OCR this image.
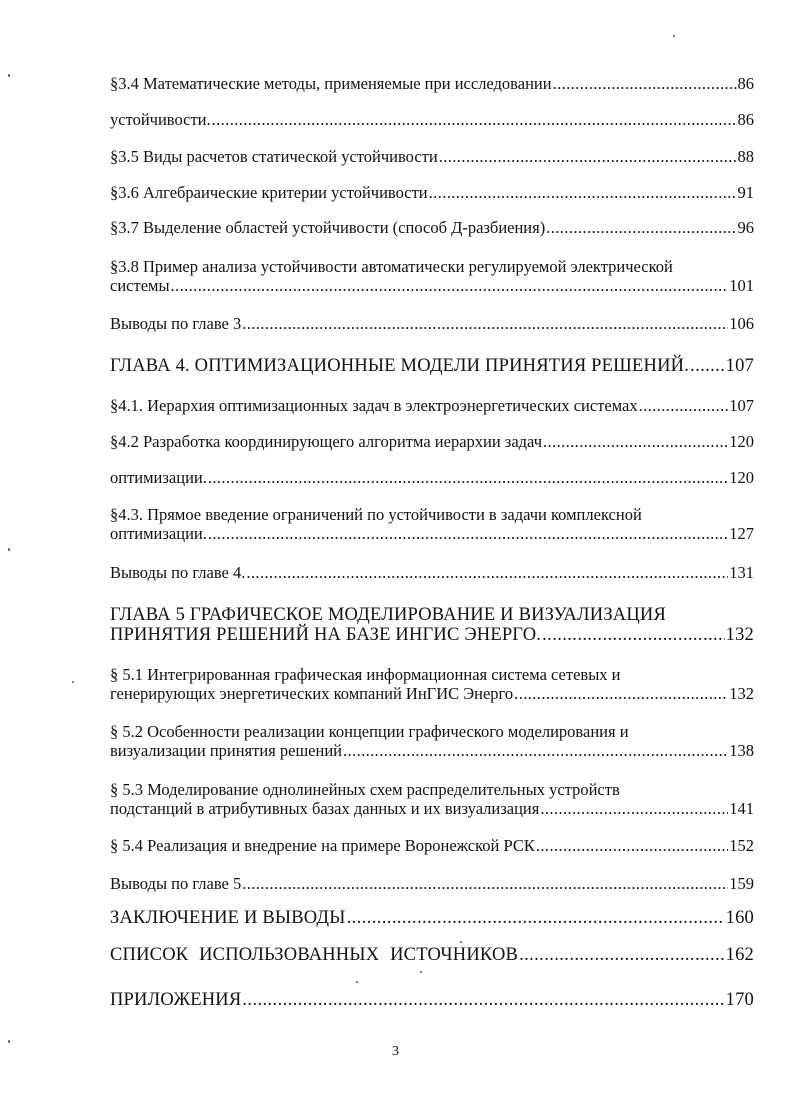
§3.4 Математические методы, применяемые при исследовании .....	86
устойчивости. .....	86
§3.5 Виды расчетов статической устойчивости .....	88
§3.6 Алгебраические критерии устойчивости .....	91
§3.7 Выделение областей устойчивости (способ Д-разбиения) .....	96
§3.8 Пример анализа устойчивости автоматически регулируемой электрической
системы .....	101
Выводы по главе 3 .....	106
ГЛАВА 4. ОПТИМИЗАЦИОННЫЕ МОДЕЛИ ПРИНЯТИЯ РЕШЕНИЙ. ..... 107
§4.1. Иерархия оптимизационных задач в электроэнергетических системах .....	107
§4.2 Разработка координирующего алгоритма иерархии задач .....	120
оптимизации. .....	120
§4.3. Прямое введение ограничений по устойчивости в задачи комплексной
оптимизации. .....	127
Выводы по главе 4. .....	131
ГЛАВА 5 ГРАФИЧЕСКОЕ МОДЕЛИРОВАНИЕ И ВИЗУАЛИЗАЦИЯ
ПРИНЯТИЯ РЕШЕНИЙ НА БАЗЕ ИНГИС ЭНЕРГО. .....	132
§ 5.1 Интегрированная графическая информационная система сетевых и
генерирующих энергетических компаний ИнГИС Энерго .....	132
§ 5.2 Особенности реализации концепции графического моделирования и
визуализации принятия решений .....	138
§ 5.3 Моделирование однолинейных схем распределительных устройств
подстанций в атрибутивных базах данных и их визуализация .....	141
§ 5.4 Реализация и внедрение на примере Воронежской РСК .....	152
Выводы по главе 5 .....	159
ЗАКЛЮЧЕНИЕ И ВЫВОДЫ .....	160
СПИСОК ИСПОЛЬЗОВАННЫХ ИСТОЧНИКОВ .....	162
ПРИЛОЖЕНИЯ .....	170
3
